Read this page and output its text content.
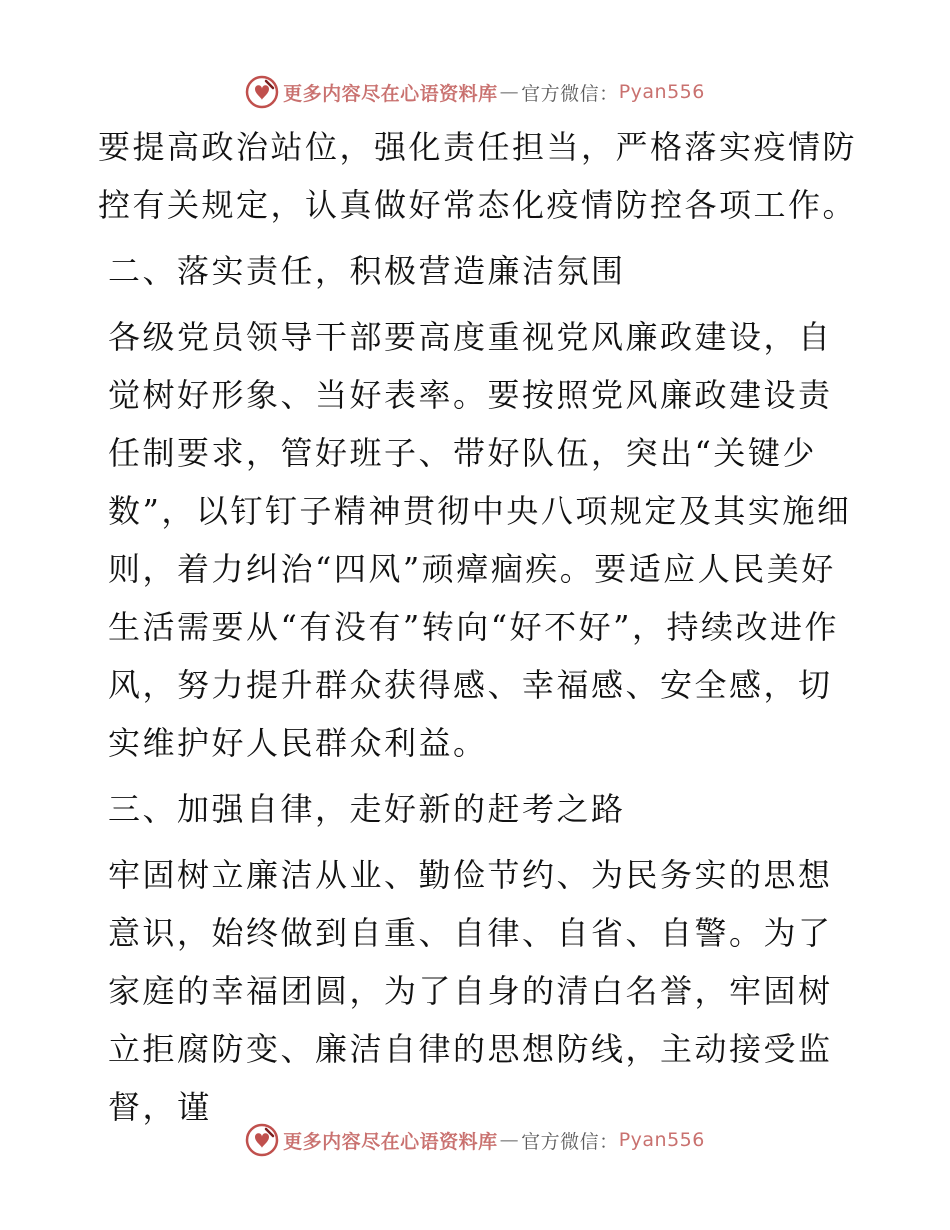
更多内容尽在心语资料库 — 官方微信： Pyan556

要提高政治站位，强化责任担当，严格落实疫情防控有关规定，认真做好常态化疫情防控各项工作。

二、落实责任，积极营造廉洁氛围

各级党员领导干部要高度重视党风廉政建设，自觉树好形象、当好表率。要按照党风廉政建设责任制要求，管好班子、带好队伍，突出“关键少数”，以钉钉子精神贯彻中央八项规定及其实施细则，着力纠治“四风”顽瘴痼疾。要适应人民美好生活需要从“有没有”转向“好不好”，持续改进作风，努力提升群众获得感、幸福感、安全感，切实维护好人民群众利益。

三、加强自律，走好新的赶考之路

牢固树立廉洁从业、勤俭节约、为民务实的思想意识，始终做到自重、自律、自省、自警。为了家庭的幸福团圆，为了自身的清白名誉，牢固树立拒腐防变、廉洁自律的思想防线，主动接受监督，谨

更多内容尽在心语资料库 — 官方微信： Pyan556
